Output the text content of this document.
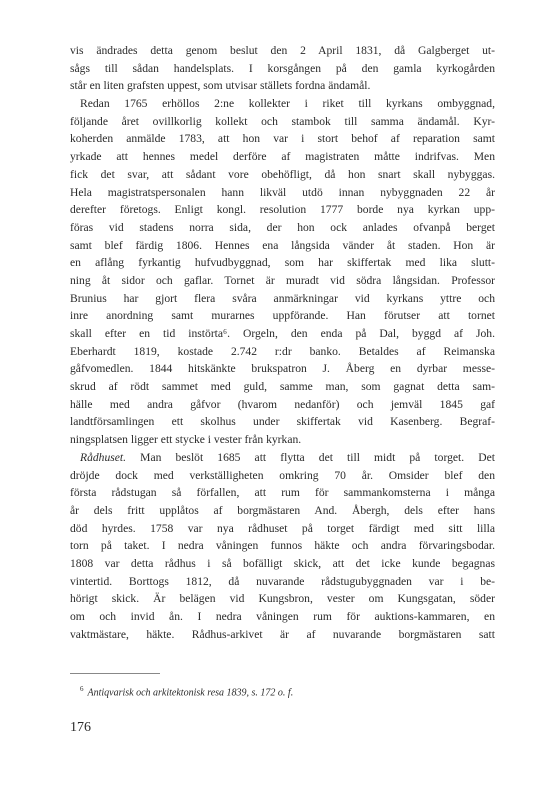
vis ändrades detta genom beslut den 2 April 1831, då Galgberget ut-
sågs till sådan handelsplats. I korsgången på den gamla kyrkogården
står en liten grafsten uppest, som utvisar ställets fordna ändamål.
Redan 1765 erhöllos 2:ne kollekter i riket till kyrkans ombyggnad,
följande året ovillkorlig kollekt och stambok till samma ändamål. Kyr-
koherden anmälde 1783, att hon var i stort behof af reparation samt
yrkade att hennes medel derföre af magistraten måtte indrifvas. Men
fick det svar, att sådant vore obehöfligt, då hon snart skall nybyggas.
Hela magistratspersonalen hann likväl utdö innan nybyggnaden 22 år
derefter företogs. Enligt kongl. resolution 1777 borde nya kyrkan upp-
föras vid stadens norra sida, der hon ock anlades ofvanpå berget
samt blef färdig 1806. Hennes ena långsida vänder åt staden. Hon är
en aflång fyrkantig hufvudbyggnad, som har skiffertak med lika slutt-
ning åt sidor och gaflar. Tornet är muradt vid södra långsidan. Professor
Brunius har gjort flera svåra anmärkningar vid kyrkans yttre och
inre anordning samt murarnes uppförande. Han förutser att tornet
skall efter en tid instörta⁶. Orgeln, den enda på Dal, byggd af Joh.
Eberhardt 1819, kostade 2.742 r:dr banko. Betaldes af Reimanska
gåfvomedlen. 1844 hitskänkte brukspatron J. Åberg en dyrbar messe-
skrud af rödt sammet med guld, samme man, som gagnat detta sam-
hälle med andra gåfvor (hvarom nedanför) och jemväl 1845 gaf
landtförsamlingen ett skolhus under skiffertak vid Kasenberg. Begraf-
ningsplatsen ligger ett stycke i vester från kyrkan.
Rådhuset. Man beslöt 1685 att flytta det till midt på torget. Det
dröjde dock med verkställigheten omkring 70 år. Omsider blef den
första rådstugan så förfallen, att rum för sammankomsterna i många
år dels fritt upplåtos af borgmästaren And. Åbergh, dels efter hans
död hyrdes. 1758 var nya rådhuset på torget färdigt med sitt lilla
torn på taket. I nedra våningen funnos häkte och andra förvaringsbodar.
1808 var detta rådhus i så bofälligt skick, att det icke kunde begagnas
vintertid. Borttogs 1812, då nuvarande rådstugubyggnaden var i be-
hörigt skick. Är belägen vid Kungsbron, vester om Kungsgatan, söder
om och invid ån. I nedra våningen rum för auktions-kammaren, en
vaktmästare, häkte. Rådhus-arkivet är af nuvarande borgmästaren satt
$^6$ Antiqvarisk och arkitektonisk resa 1839, s. 172 o. f.
176
